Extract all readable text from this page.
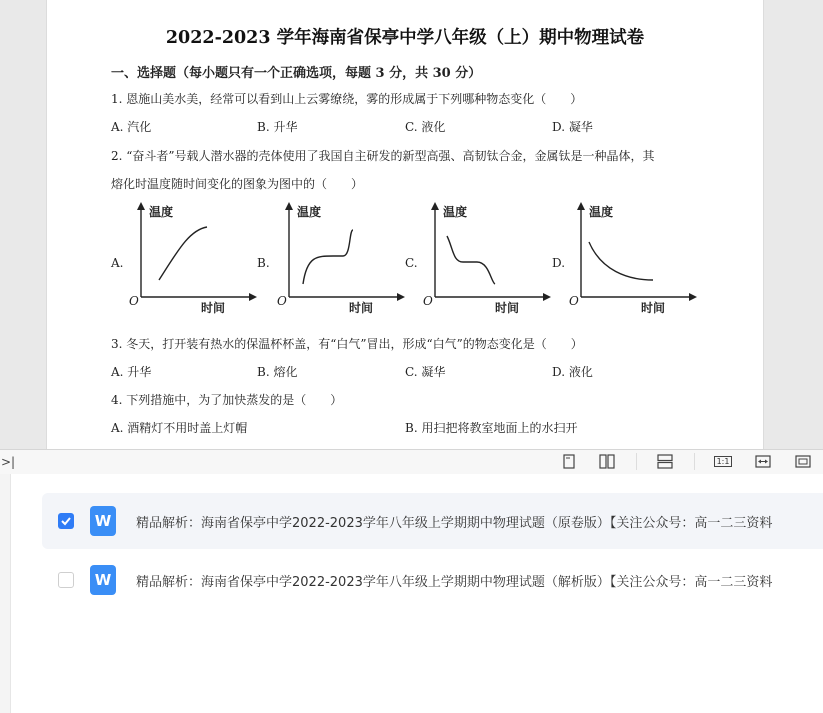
2022-2023 学年海南省保亭中学八年级（上）期中物理试卷
一、选择题（每小题只有一个正确选项，每题 3 分，共 30 分）
1. 恩施山美水美，经常可以看到山上云雾缭绕，雾的形成属于下列哪种物态变化（　　）
A. 汽化	B. 升华	C. 液化	D. 凝华
2. “奋斗者”号载人潜水器的壳体使用了我国自主研发的新型高强、高韧钛合金，金属钛是一种晶体，其
熔化时温度随时间变化的图象为图中的（　　）
A.
温度
O	时间
B.
温度
O	时间
C.
温度
O	时间
D.
温度
O	时间
3. 冬天，打开装有热水的保温杯杯盖，有“白气”冒出，形成“白气”的物态变化是（　　）
A. 升华	B. 熔化	C. 凝华	D. 液化
4. 下列措施中，为了加快蒸发的是（　　）
A. 酒精灯不用时盖上灯帽	B. 用扫把将教室地面上的水扫开
>|	1:1
W	精品解析：海南省保亭中学2022-2023学年八年级上学期期中物理试题（原卷版）【关注公众号：高一二三资料
W	精品解析：海南省保亭中学2022-2023学年八年级上学期期中物理试题（解析版）【关注公众号：高一二三资料
